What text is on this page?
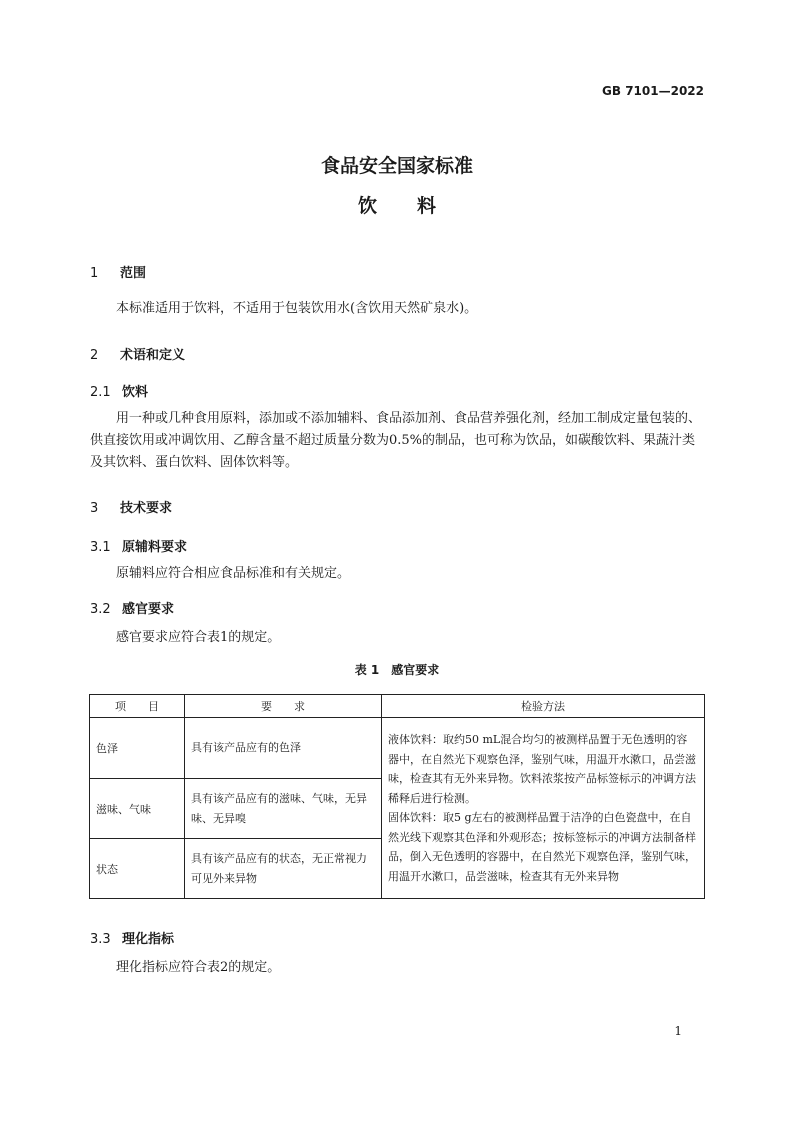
GB 7101—2022
食品安全国家标准
饮料
1 范围
本标准适用于饮料，不适用于包装饮用水(含饮用天然矿泉水)。
2 术语和定义
2.1 饮料
用一种或几种食用原料，添加或不添加辅料、食品添加剂、食品营养强化剂，经加工制成定量包装的、供直接饮用或冲调饮用、乙醇含量不超过质量分数为0.5%的制品，也可称为饮品，如碳酸饮料、果蔬汁类及其饮料、蛋白饮料、固体饮料等。
3 技术要求
3.1 原辅料要求
原辅料应符合相应食品标准和有关规定。
3.2 感官要求
感官要求应符合表1的规定。
表 1　感官要求
项　　目	要　　求	检验方法
色泽	具有该产品应有的色泽	液体饮料：取约50 mL混合均匀的被测样品置于无色透明的容器中，在自然光下观察色泽，鉴别气味，用温开水漱口，品尝滋味，检查其有无外来异物。饮料浓浆按产品标签标示的冲调方法稀释后进行检测。
固体饮料：取5 g左右的被测样品置于洁净的白色瓷盘中，在自然光线下观察其色泽和外观形态；按标签标示的冲调方法制备样品，倒入无色透明的容器中，在自然光下观察色泽，鉴别气味，用温开水漱口，品尝滋味，检查其有无外来异物

滋味、气味	具有该产品应有的滋味、气味，无异味、无异嗅	
状态	具有该产品应有的状态，无正常视力可见外来异物	
3.3 理化指标
理化指标应符合表2的规定。
1
